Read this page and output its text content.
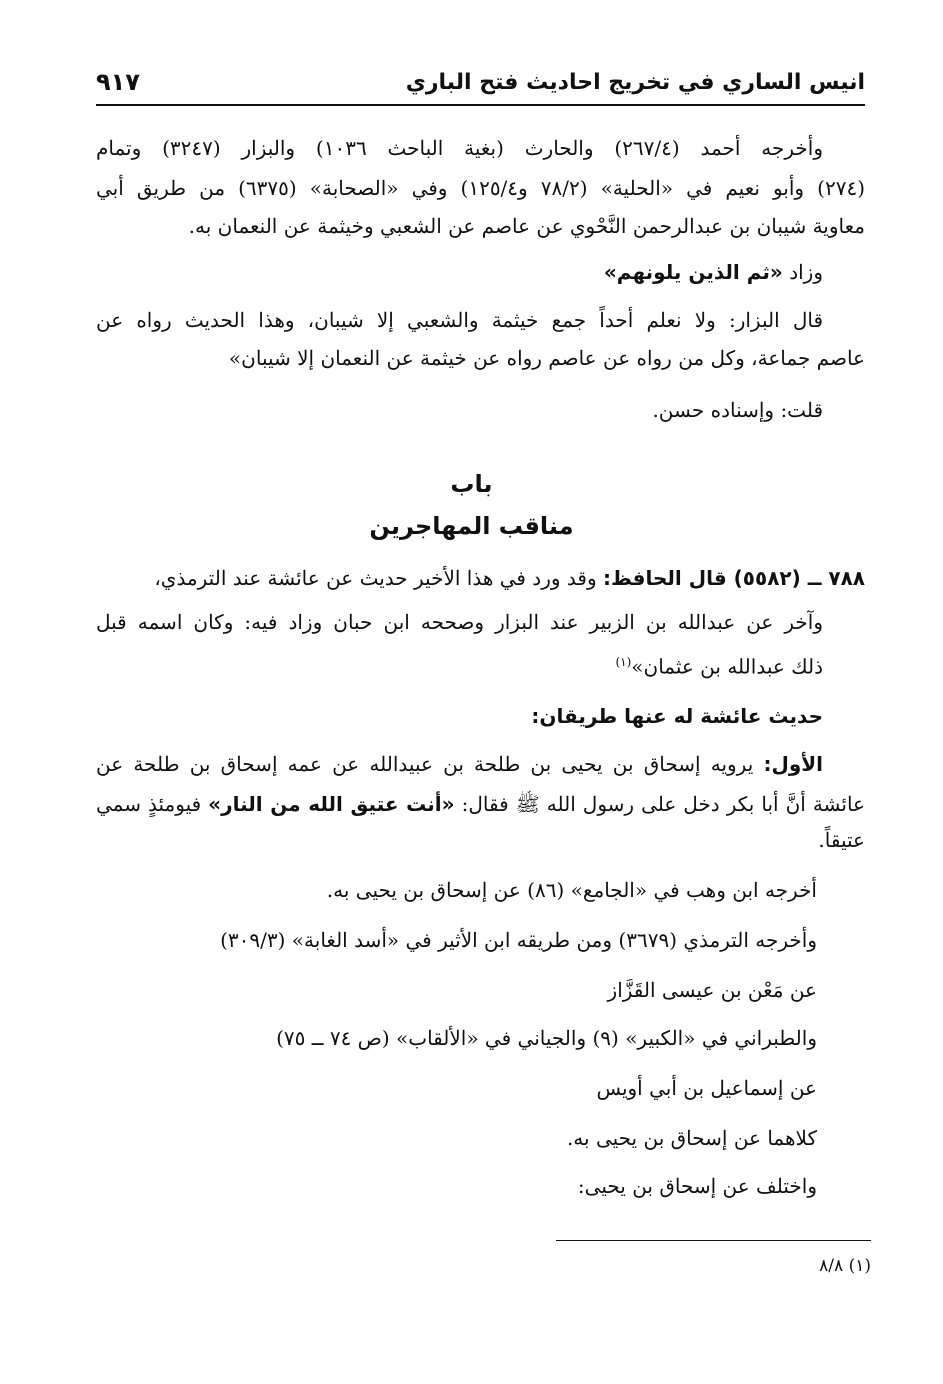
انيس الساري في تخريج احاديث فتح الباري
٩١٧
وأخرجه أحمد (٢٦٧/٤) والحارث (بغية الباحث ١٠٣٦) والبزار (٣٢٤٧) وتمام
(٢٧٤) وأبو نعيم في «الحلية» (٧٨/٢ و١٢٥/٤) وفي «الصحابة» (٦٣٧٥) من طريق أبي
معاوية شيبان بن عبدالرحمن النَّحْوي عن عاصم عن الشعبي وخيثمة عن النعمان به.
وزاد «ثم الذين يلونهم»
قال البزار: ولا نعلم أحداً جمع خيثمة والشعبي إلا شيبان، وهذا الحديث رواه عن
عاصم جماعة، وكل من رواه عن عاصم رواه عن خيثمة عن النعمان إلا شيبان»
قلت: وإسناده حسن.
باب
مناقب المهاجرين
٧٨٨ ــ (٥٥٨٢) قال الحافظ: وقد ورد في هذا الأخير حديث عن عائشة عند الترمذي،
وآخر عن عبدالله بن الزبير عند البزار وصححه ابن حبان وزاد فيه: وكان اسمه قبل
ذلك عبدالله بن عثمان»$^{(١)}$
حديث عائشة له عنها طريقان:
الأول: يرويه إسحاق بن يحيى بن طلحة بن عبيدالله عن عمه إسحاق بن طلحة عن
عائشة أنَّ أبا بكر دخل على رسول الله ﷺ فقال: «أنت عتيق الله من النار» فيومئذٍ سمي
عتيقاً.
أخرجه ابن وهب في «الجامع» (٨٦) عن إسحاق بن يحيى به.
وأخرجه الترمذي (٣٦٧٩) ومن طريقه ابن الأثير في «أسد الغابة» (٣٠٩/٣)
عن مَعْن بن عيسى القَزَّاز
والطبراني في «الكبير» (٩) والجياني في «الألقاب» (ص ٧٤ ــ ٧٥)
عن إسماعيل بن أبي أويس
كلاهما عن إسحاق بن يحيى به.
واختلف عن إسحاق بن يحيى:
(١) ٨/٨
